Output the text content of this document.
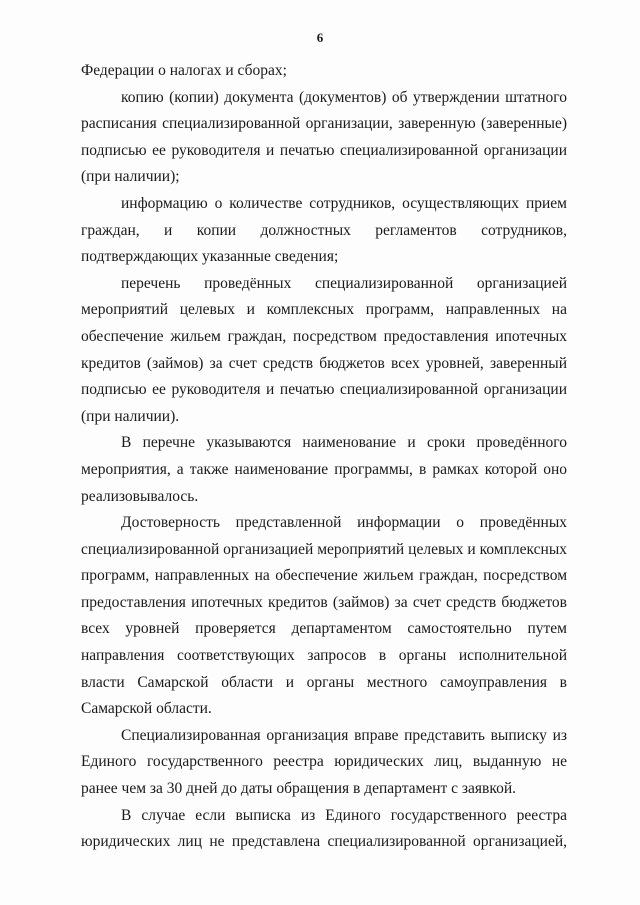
6

Федерации о налогах и сборах;

копию (копии) документа (документов) об утверждении штатного расписания специализированной организации, заверенную (заверенные) подписью ее руководителя и печатью специализированной организации (при наличии);

информацию о количестве сотрудников, осуществляющих прием граждан, и копии должностных регламентов сотрудников, подтверждающих указанные сведения;

перечень проведённых специализированной организацией мероприятий целевых и комплексных программ, направленных на обеспечение жильем граждан, посредством предоставления ипотечных кредитов (займов) за счет средств бюджетов всех уровней, заверенный подписью ее руководителя и печатью специализированной организации (при наличии).

В перечне указываются наименование и сроки проведённого мероприятия, а также наименование программы, в рамках которой оно реализовывалось.

Достоверность представленной информации о проведённых специализированной организацией мероприятий целевых и комплексных программ, направленных на обеспечение жильем граждан, посредством предоставления ипотечных кредитов (займов) за счет средств бюджетов всех уровней проверяется департаментом самостоятельно путем направления соответствующих запросов в органы исполнительной власти Самарской области и органы местного самоуправления в Самарской области.

Специализированная организация вправе представить выписку из Единого государственного реестра юридических лиц, выданную не ранее чем за 30 дней до даты обращения в департамент с заявкой.

В случае если выписка из Единого государственного реестра юридических лиц не представлена специализированной организацией,
